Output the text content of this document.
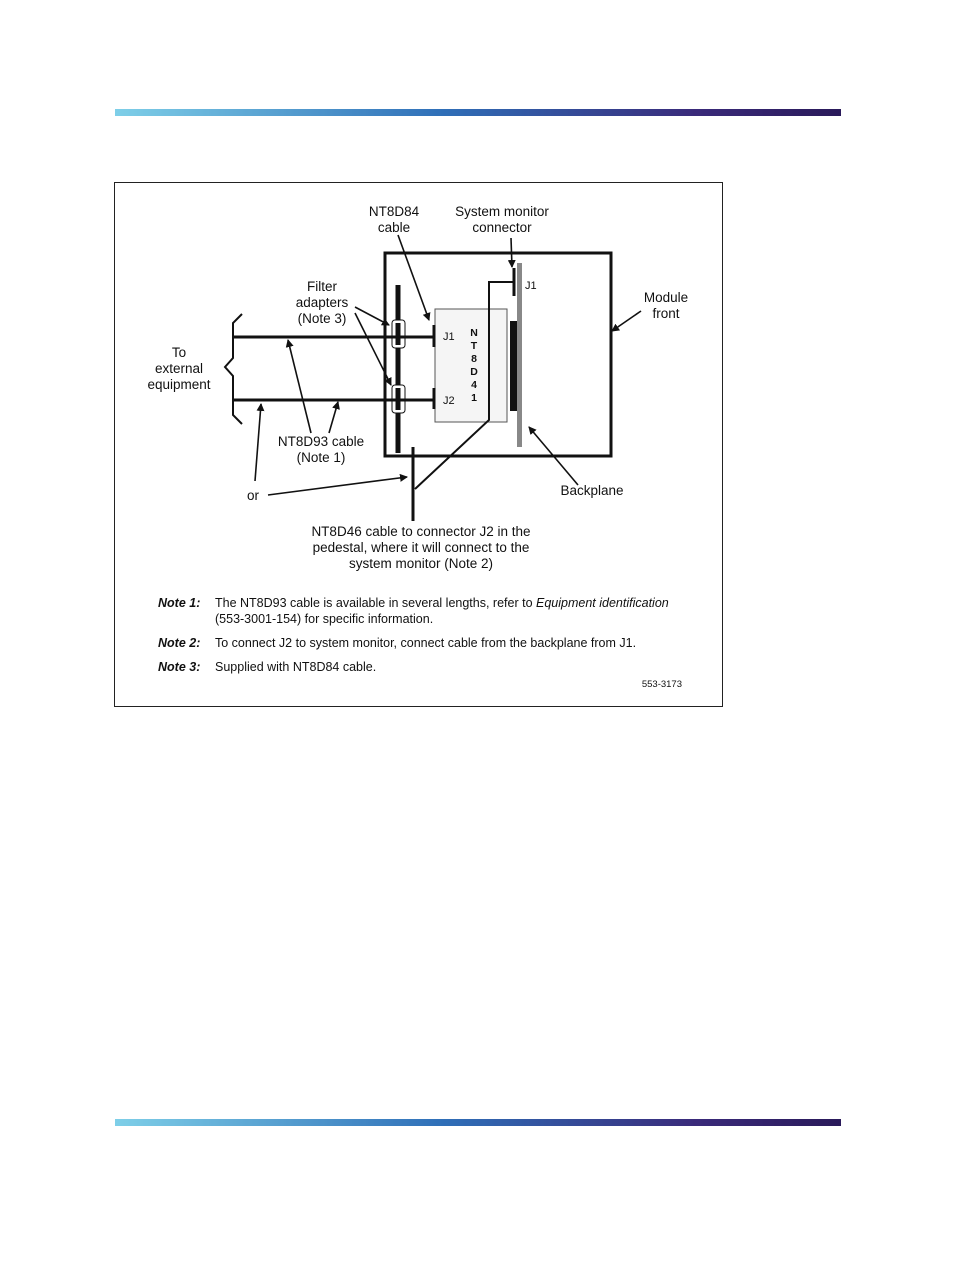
NT8D84
cable
System monitor
connector
J1
Filter
adapters
(Note 3)
Module
front
J1
J2
N
T
8
D
4
1
To
external
equipment
NT8D93 cable
(Note 1)
or	Backplane
NT8D46 cable to connector J2 in the
pedestal, where it will connect to the
system monitor (Note 2)
Note 1:	The NT8D93 cable is available in several lengths, refer to Equipment identification (553-3001-154) for specific information.
Note 2:	To connect J2 to system monitor, connect cable from the backplane from J1.
Note 3:	Supplied with NT8D84 cable.
553-3173
